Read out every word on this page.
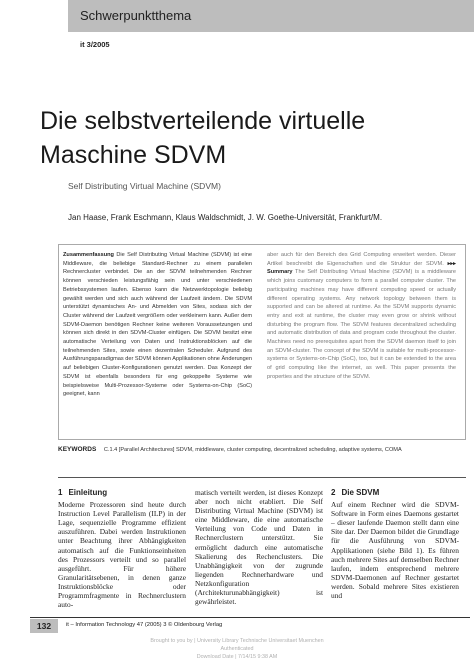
Schwerpunktthema
it 3/2005
Die selbstverteilende virtuelle
Maschine SDVM
Self Distributing Virtual Machine (SDVM)
Jan Haase, Frank Eschmann, Klaus Waldschmidt, J. W. Goethe-Universität, Frankfurt/M.
Zusammenfassung Die Self Distributing Virtual Machine (SDVM) ist eine Middleware, die beliebige Standard-Rechner zu einem parallelen Rechnercluster verbindet. Die an der SDVM teilnehmenden Rechner können verschieden leistungsfähig sein und unter verschiedenen Betriebssystemen laufen. Ebenso kann die Netzwerktopologie beliebig gewählt werden und sich auch während der Laufzeit ändern. Die SDVM unterstützt dynamisches An- und Abmelden von Sites, sodass sich der Cluster während der Laufzeit vergrößern oder verkleinern kann. Außer dem SDVM-Daemon benötigen Rechner keine weiteren Voraussetzungen und können sich direkt in den SDVM-Cluster einfügen. Die SDVM besitzt eine automatische Verteilung von Daten und Instruktionsblöcken auf die teilnehmenden Sites, sowie einen dezentralen Scheduler. Aufgrund des Ausführungsparadigmas der SDVM können Applikationen ohne Änderungen auf beliebigen Cluster-Konfigurationen genutzt werden. Das Konzept der SDVM ist ebenfalls besonders für eng gekoppelte Systeme wie beispielsweise Multi-Prozessor-Systeme oder Systems-on-Chip (SoC) geeignet, kann
aber auch für den Bereich des Grid Computing erweitert werden. Dieser Artikel beschreibt die Eigenschaften und die Struktur der SDVM. ▸▸▸ Summary The Self Distributing Virtual Machine (SDVM) is a middleware which joins customary computers to form a parallel computer cluster. The participating machines may have different computing speed or actually different operating systems. Any network topology between them is supported and can be altered at runtime. As the SDVM supports dynamic entry and exit at runtime, the cluster may even grow or shrink without disturbing the program flow. The SDVM features decentralized scheduling and automatic distribution of data and program code throughout the cluster. Machines need no prerequisites apart from the SDVM daemon itself to join an SDVM-cluster. The concept of the SDVM is suitable for multi-processor-systems or Systems-on-Chip (SoC), too, but it can be extended to the area of grid computing like the internet, as well. This paper presents the properties and the structure of the SDVM.
KEYWORDS C.1.4 [Parallel Architectures] SDVM, middleware, cluster computing, decentralized scheduling, adaptive systems, COMA
1 Einleitung

Moderne Prozessoren sind heute durch Instruction Level Parallelism (ILP) in der Lage, sequenzielle Programme effizient auszuführen. Dabei werden Instruktionen unter Beachtung ihrer Abhängigkeiten automatisch auf die Funktionseinheiten des Prozessors verteilt und so parallel ausgeführt. Für höhere Granularitätsebenen, in denen ganze Instruktionsblöcke oder Programmfragmente in Rechnerclustern auto-

matisch verteilt werden, ist dieses Konzept aber noch nicht etabliert. Die Self Distributing Virtual Machine (SDVM) ist eine Middleware, die eine automatische Verteilung von Code und Daten in Rechnerclustern unterstützt. Sie ermöglicht dadurch eine automatische Skalierung des Rechenclusters. Die Unabhängigkeit von der zugrunde liegenden Rechnerhardware und Netzkonfiguration (Architekturunabhängigkeit) ist gewährleistet.

2 Die SDVM

Auf einem Rechner wird die SDVM-Software in Form eines Daemons gestartet – dieser laufende Daemon stellt dann eine Site dar. Der Daemon bildet die Grundlage für die Ausführung von SDVM-Applikationen (siehe Bild 1). Es führen auch mehrere Sites auf demselben Rechner laufen, indem entsprechend mehrere SDVM-Daemonen auf Rechner gestartet werden. Sobald mehrere Sites existieren und

132	it – Information Technology 47 (2005) 3 © Oldenbourg Verlag
Brought to you by | University Library Technische Universitaet Muenchen
Authenticated
Download Date | 7/14/15 9:38 AM
